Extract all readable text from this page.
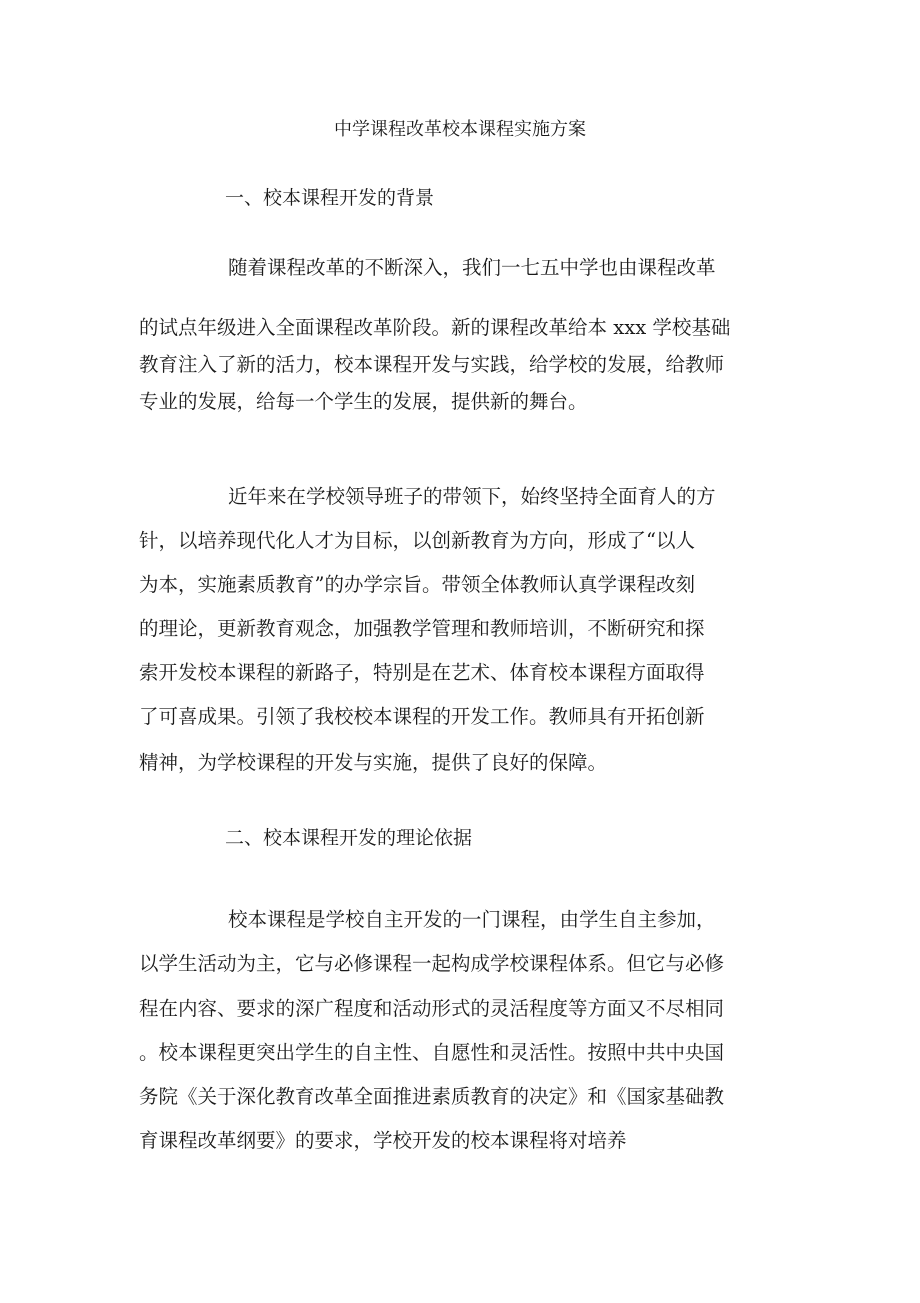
中学课程改革校本课程实施方案
一、校本课程开发的背景
随着课程改革的不断深入，我们一七五中学也由课程改革
的试点年级进入全面课程改革阶段。新的课程改革给本 xxx 学校基础
教育注入了新的活力，校本课程开发与实践，给学校的发展，给教师
专业的发展，给每一个学生的发展，提供新的舞台。
近年来在学校领导班子的带领下，始终坚持全面育人的方
针，以培养现代化人才为目标，以创新教育为方向，形成了“以人
为本，实施素质教育”的办学宗旨。带领全体教师认真学课程改刻
的理论，更新教育观念，加强教学管理和教师培训，不断研究和探
索开发校本课程的新路子，特别是在艺术、体育校本课程方面取得
了可喜成果。引领了我校校本课程的开发工作。教师具有开拓创新
精神，为学校课程的开发与实施，提供了良好的保障。
二、校本课程开发的理论依据
校本课程是学校自主开发的一门课程，由学生自主参加，
以学生活动为主，它与必修课程一起构成学校课程体系。但它与必修
程在内容、要求的深广程度和活动形式的灵活程度等方面又不尽相同
。校本课程更突出学生的自主性、自愿性和灵活性。按照中共中央国
务院《关于深化教育改革全面推进素质教育的决定》和《国家基础教
育课程改革纲要》的要求，学校开发的校本课程将对培养
